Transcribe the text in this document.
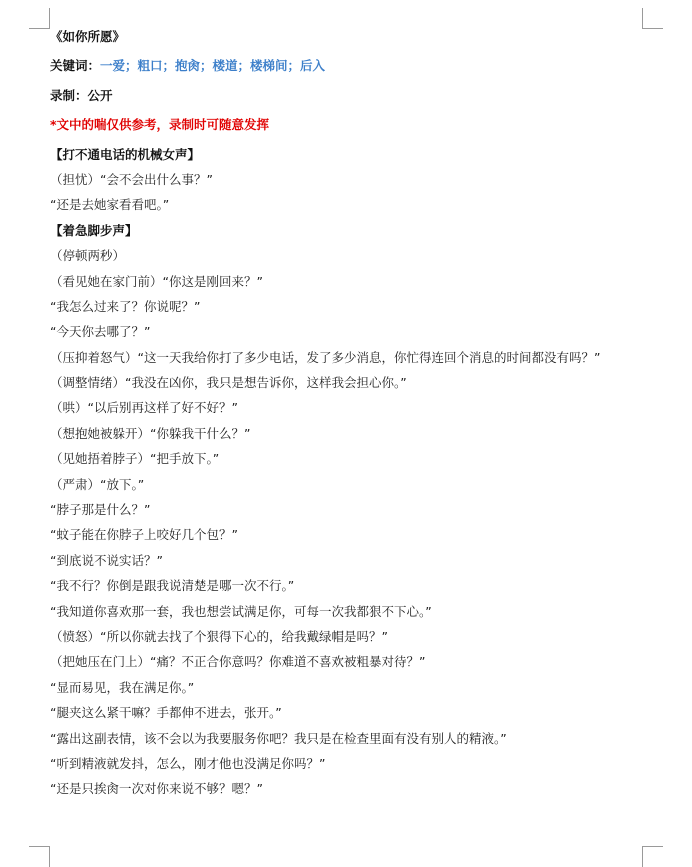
《如你所愿》
关键词：一爱；粗口；抱肏；楼道；楼梯间；后入
录制：公开
*文中的喘仅供参考，录制时可随意发挥
【打不通电话的机械女声】
（担忧）“会不会出什么事？”
“还是去她家看看吧。”
【着急脚步声】
（停顿两秒）
（看见她在家门前）“你这是刚回来？”
“我怎么过来了？你说呢？”
“今天你去哪了？”
（压抑着怒气）“这一天我给你打了多少电话，发了多少消息，你忙得连回个消息的时间都没有吗？”
（调整情绪）“我没在凶你，我只是想告诉你，这样我会担心你。”
（哄）“以后别再这样了好不好？”
（想抱她被躲开）“你躲我干什么？”
（见她捂着脖子）“把手放下。”
（严肃）“放下。”
“脖子那是什么？”
“蚊子能在你脖子上咬好几个包？”
“到底说不说实话？”
“我不行？你倒是跟我说清楚是哪一次不行。”
“我知道你喜欢那一套，我也想尝试满足你，可每一次我都狠不下心。”
（愤怒）“所以你就去找了个狠得下心的，给我戴绿帽是吗？”
（把她压在门上）“痛？不正合你意吗？你难道不喜欢被粗暴对待？”
“显而易见，我在满足你。”
“腿夹这么紧干嘛？手都伸不进去，张开。”
“露出这副表情，该不会以为我要服务你吧？我只是在检查里面有没有别人的精液。”
“听到精液就发抖，怎么，刚才他也没满足你吗？”
“还是只挨肏一次对你来说不够？嗯？”
